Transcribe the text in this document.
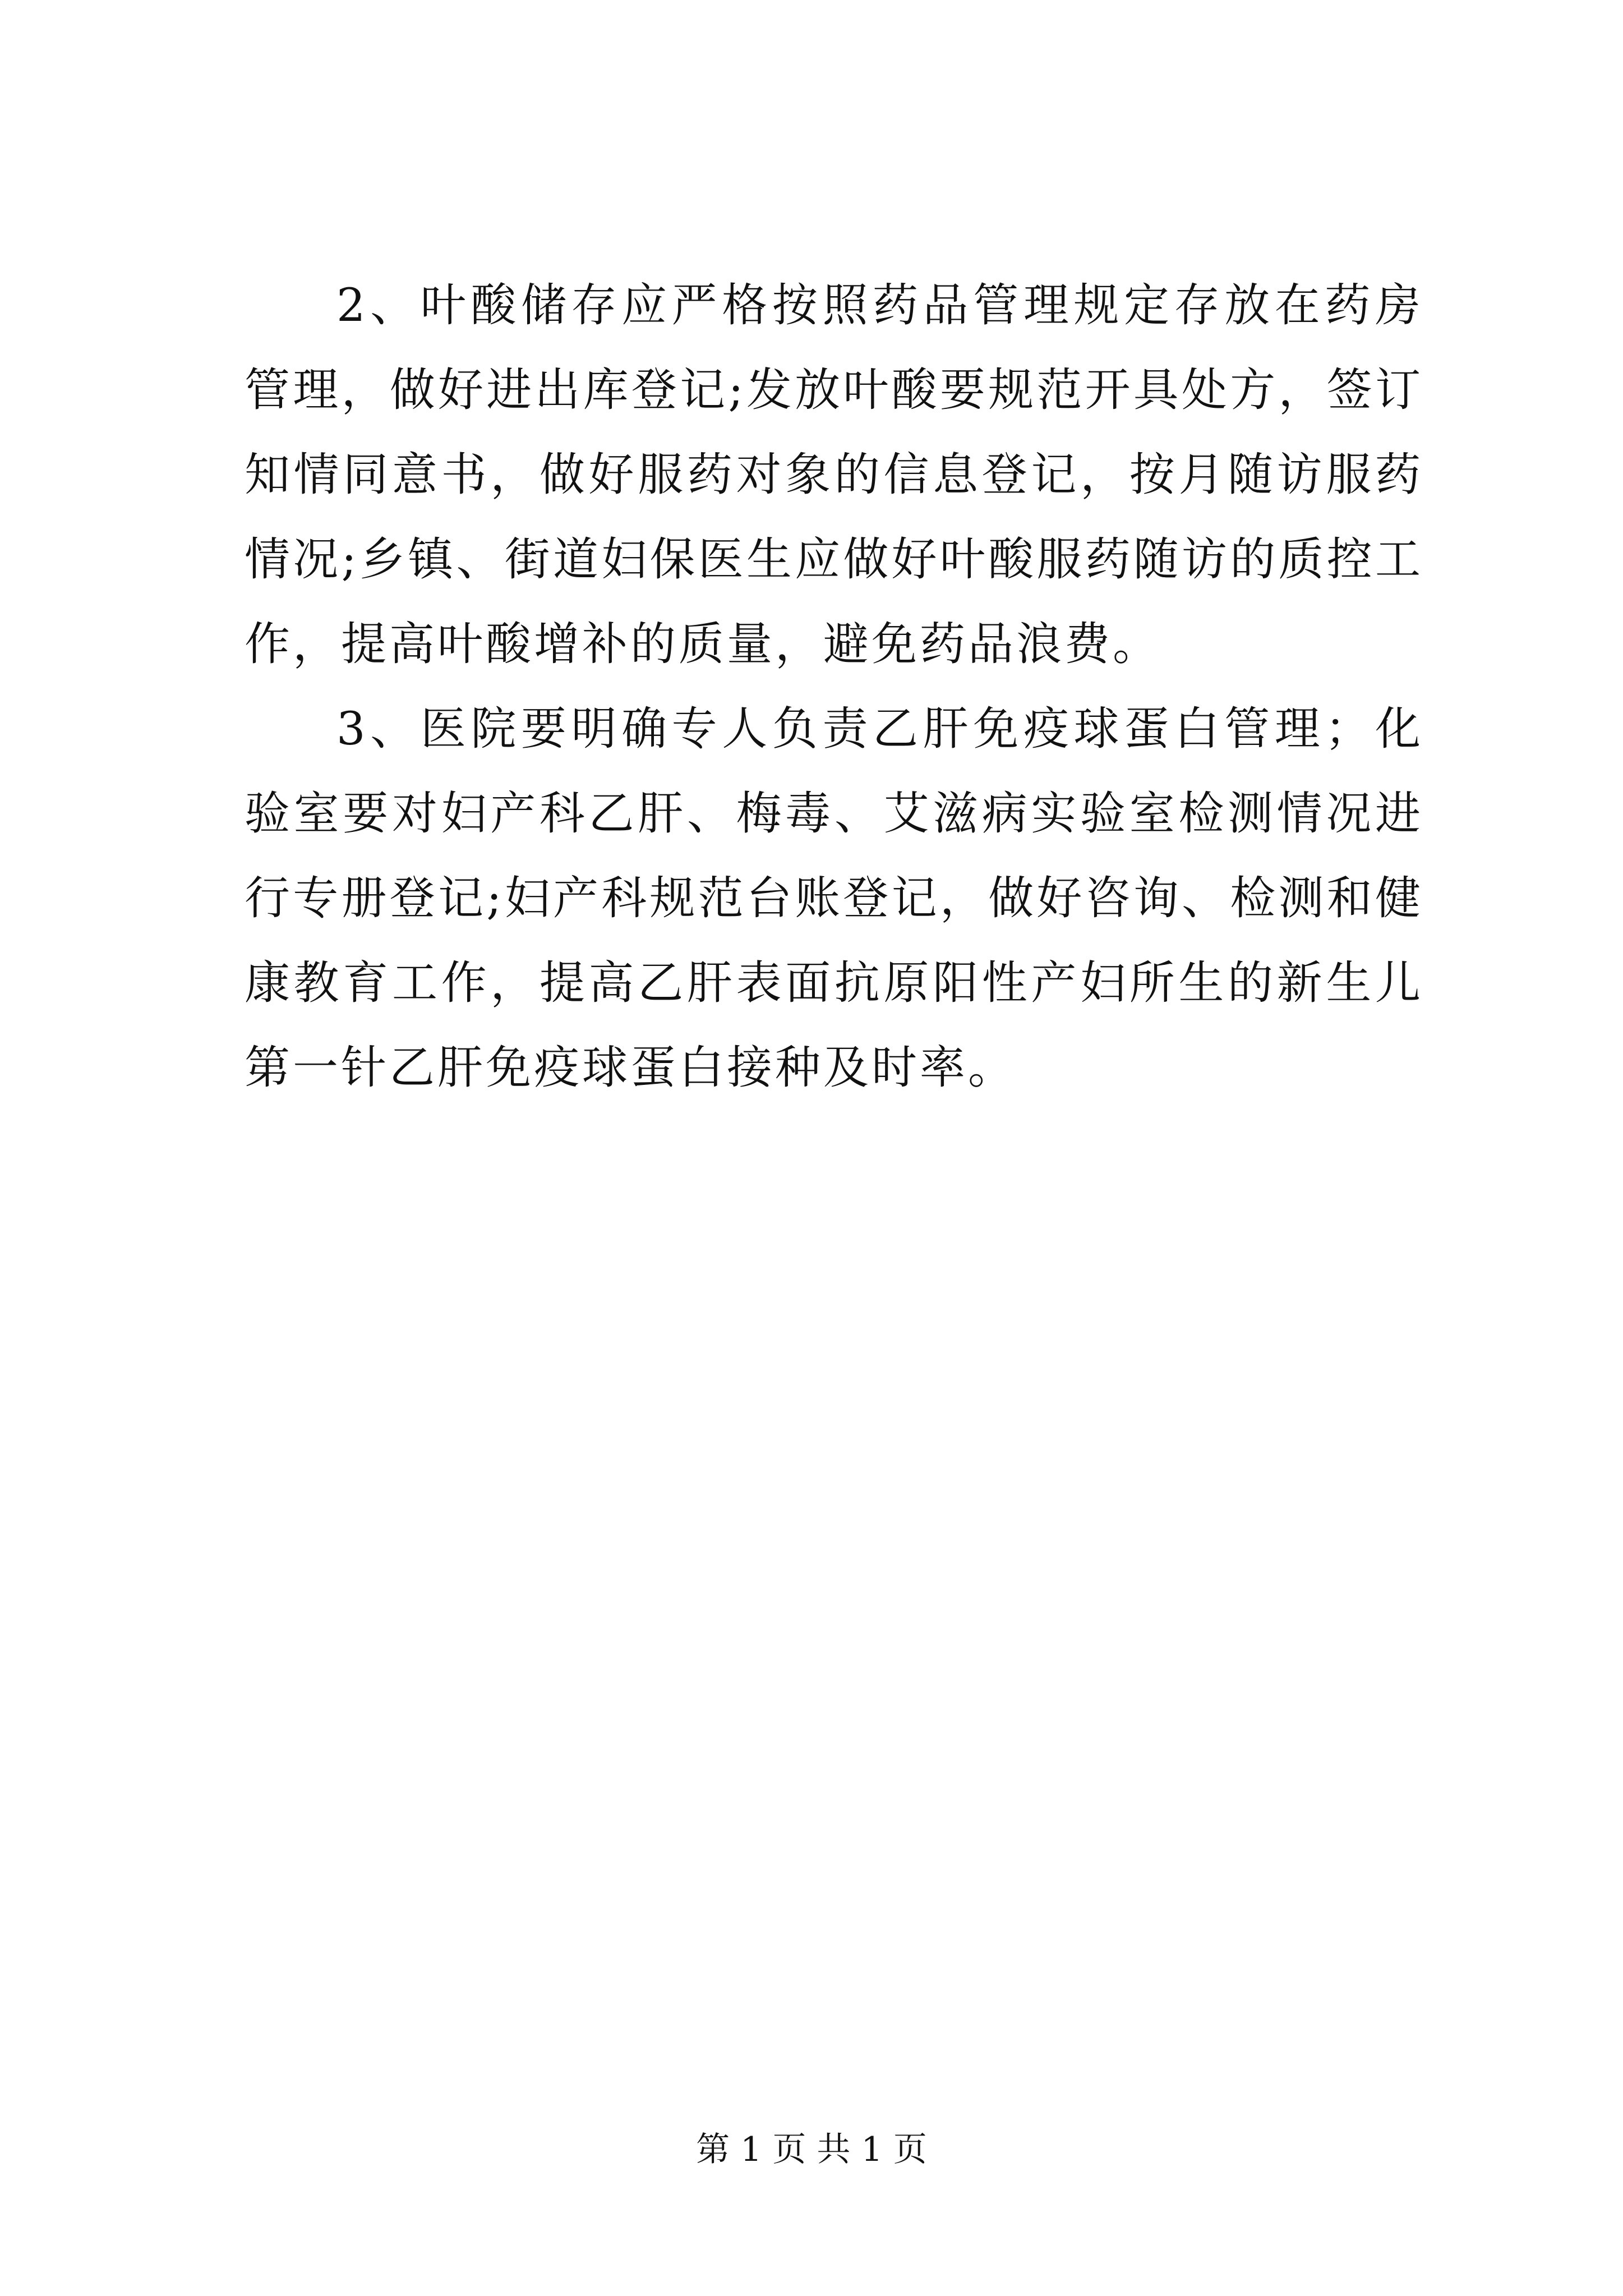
2、叶酸储存应严格按照药品管理规定存放在药房管理，做好进出库登记;发放叶酸要规范开具处方，签订知情同意书，做好服药对象的信息登记，按月随访服药情况;乡镇、街道妇保医生应做好叶酸服药随访的质控工作，提高叶酸增补的质量，避免药品浪费。

3、医院要明确专人负责乙肝免疫球蛋白管理；化验室要对妇产科乙肝、梅毒、艾滋病实验室检测情况进行专册登记;妇产科规范台账登记，做好咨询、检测和健康教育工作，提高乙肝表面抗原阳性产妇所生的新生儿第一针乙肝免疫球蛋白接种及时率。

第 1 页 共 1 页
